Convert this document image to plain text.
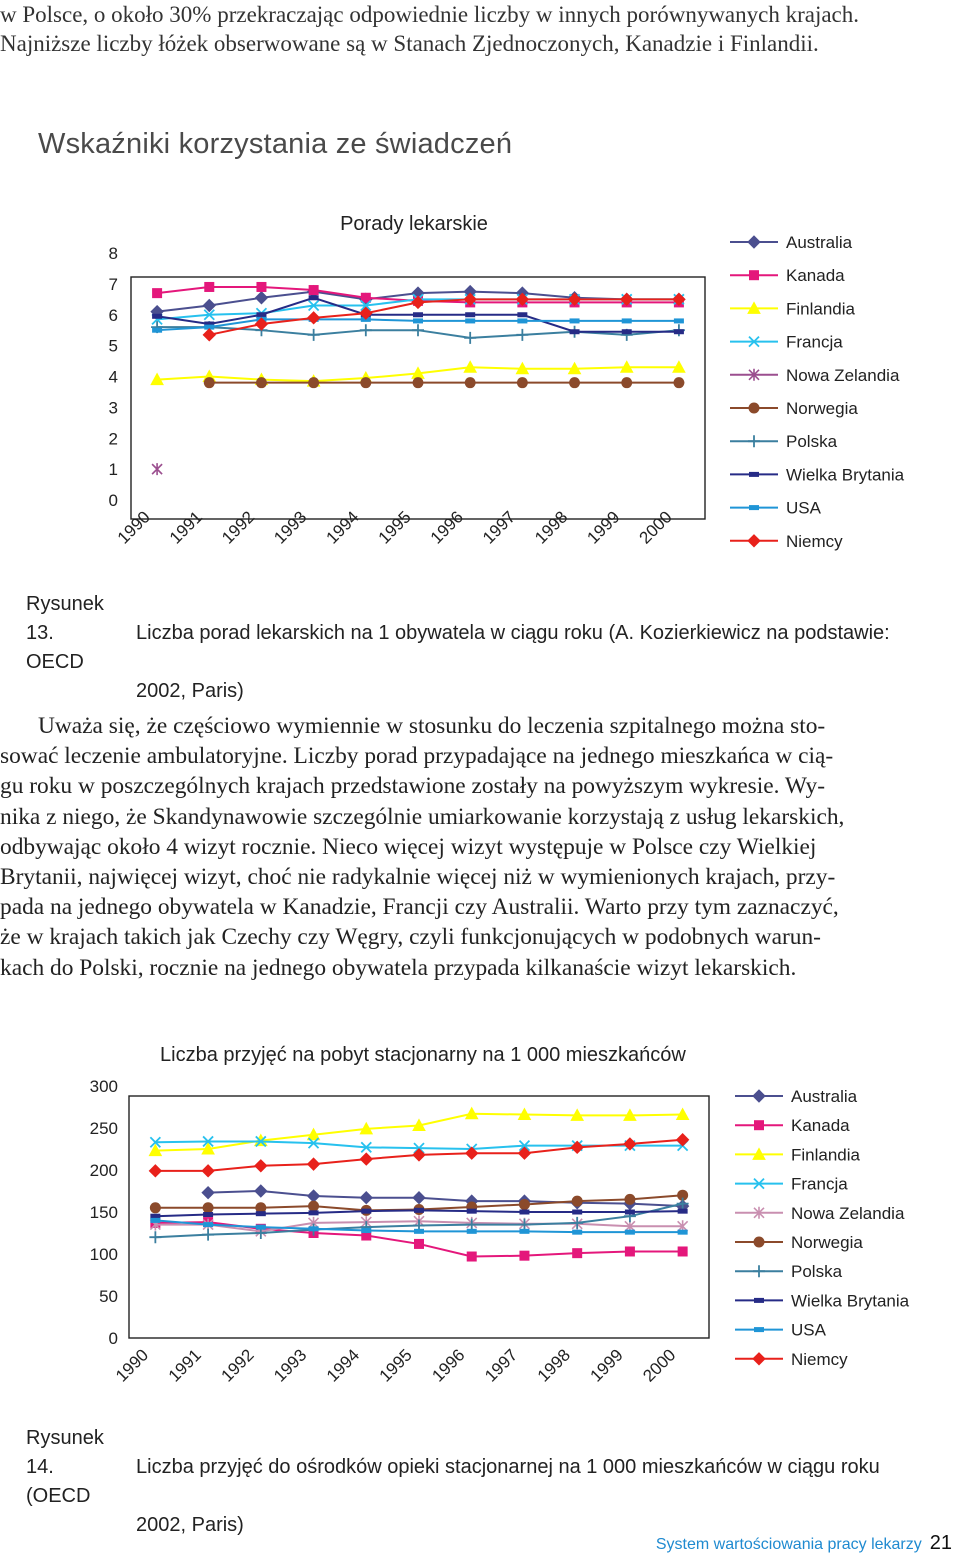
w Polsce, o około 30% przekraczając odpowiednie liczby w innych porównywanych krajach.
Najniższe liczby łóżek obserwowane są w Stanach Zjednoczonych, Kanadzie i Finlandii.
Wskaźniki korzystania ze świadczeń
Porady lekarskie
0
1
2
3
4
5
6
7
8
1990 1991 1992 1993 1994 1995 1996 1997 1998 1999 2000
Australia
Kanada
Finlandia
Francja
Nowa Zelandia
Norwegia
Polska
Wielka Brytania
USA
Niemcy
Rysunek 13.	Liczba porad lekarskich na 1 obywatela w ciągu roku (A. Kozierkiewicz na podstawie: OECD
2002, Paris)
Uważa się, że częściowo wymiennie w stosunku do leczenia szpitalnego można sto-
sować leczenie ambulatoryjne. Liczby porad przypadające na jednego mieszkańca w cią-
gu roku w poszczególnych krajach przedstawione zostały na powyższym wykresie. Wy-
nika z niego, że Skandynawowie szczególnie umiarkowanie korzystają z usług lekarskich,
odbywając około 4 wizyt rocznie. Nieco więcej wizyt występuje w Polsce czy Wielkiej
Brytanii, najwięcej wizyt, choć nie radykalnie więcej niż w wymienionych krajach, przy-
pada na jednego obywatela w Kanadzie, Francji czy Australii. Warto przy tym zaznaczyć,
że w krajach takich jak Czechy czy Węgry, czyli funkcjonujących w podobnych warun-
kach do Polski, rocznie na jednego obywatela przypada kilkanaście wizyt lekarskich.
Liczba przyjęć na pobyt stacjonarny na 1 000 mieszkańców
0
50
100
150
200
250
300
1990 1991 1992 1993 1994 1995 1996 1997 1998 1999 2000
Australia
Kanada
Finlandia
Francja
Nowa Zelandia
Norwegia
Polska
Wielka Brytania
USA
Niemcy
Rysunek 14.	Liczba przyjęć do ośrodków opieki stacjonarnej na 1 000 mieszkańców w ciągu roku (OECD
2002, Paris)
System wartościowania pracy lekarzy 21
